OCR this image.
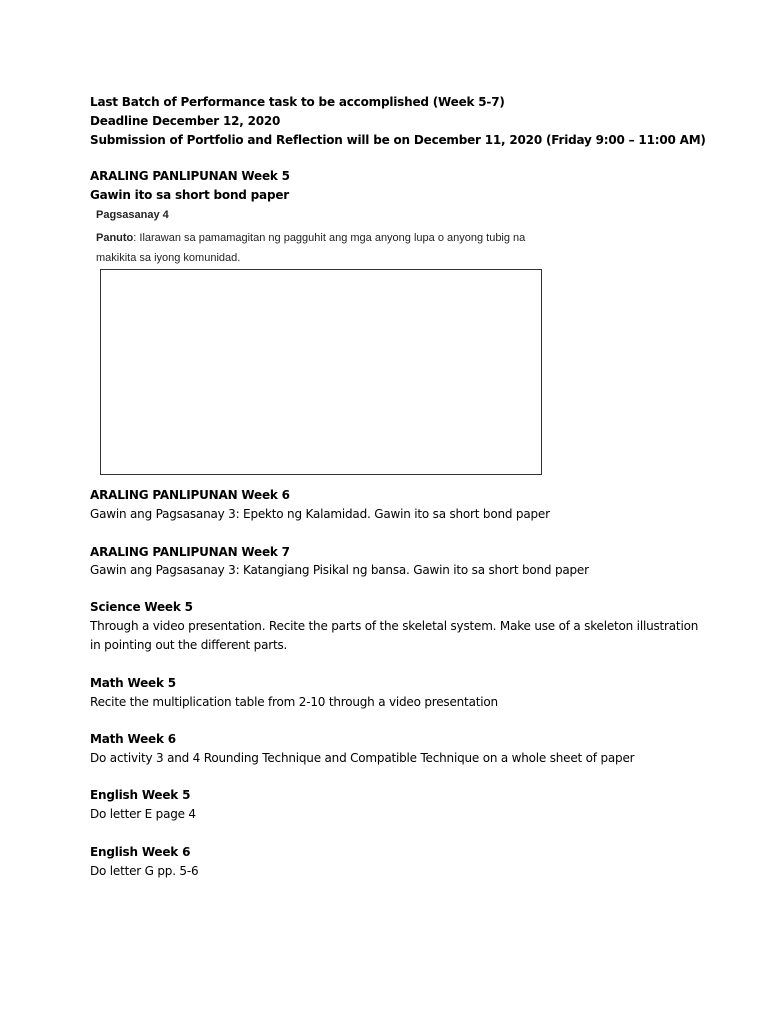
Last Batch of Performance task to be accomplished (Week 5-7)
Deadline December 12, 2020
Submission of Portfolio and Reflection will be on December 11, 2020 (Friday 9:00 – 11:00 AM)
ARALING PANLIPUNAN Week 5
Gawin ito sa short bond paper
Pagsasanay 4
Panuto: Ilarawan sa pamamagitan ng pagguhit ang mga anyong lupa o anyong tubig na
makikita sa iyong komunidad.
ARALING PANLIPUNAN Week 6
Gawin ang Pagsasanay 3: Epekto ng Kalamidad. Gawin ito sa short bond paper
ARALING PANLIPUNAN Week 7
Gawin ang Pagsasanay 3: Katangiang Pisikal ng bansa. Gawin ito sa short bond paper
Science Week 5
Through a video presentation. Recite the parts of the skeletal system. Make use of a skeleton illustration
in pointing out the different parts.
Math Week 5
Recite the multiplication table from 2-10 through a video presentation
Math Week 6
Do activity 3 and 4 Rounding Technique and Compatible Technique on a whole sheet of paper
English Week 5
Do letter E page 4
English Week 6
Do letter G pp. 5-6
